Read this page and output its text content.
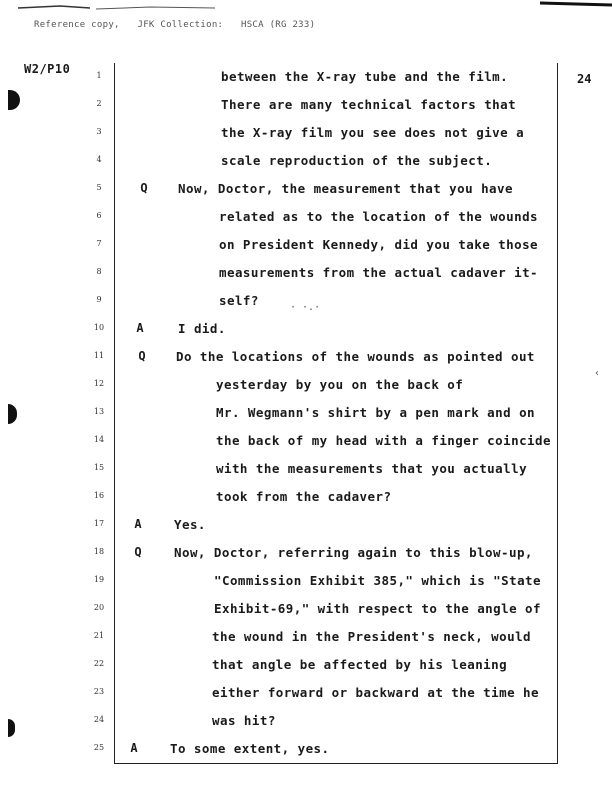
Reference copy, JFK Collection: HSCA (RG 233)
W2/P10
24
· ·.·
‹
1	between the X-ray tube and the film.
2	There are many technical factors that
3	the X-ray film you see does not give a
4	scale reproduction of the subject.
5	Q	Now, Doctor, the measurement that you have
6	related as to the location of the wounds
7	on President Kennedy, did you take those
8	measurements from the actual cadaver it-
9	self?
10	A	I did.
11	Q	Do the locations of the wounds as pointed out
12	yesterday by you on the back of
13	Mr. Wegmann's shirt by a pen mark and on
14	the back of my head with a finger coincide
15	with the measurements that you actually
16	took from the cadaver?
17	A	Yes.
18	Q	Now, Doctor, referring again to this blow-up,
19	"Commission Exhibit 385," which is "State
20	Exhibit-69," with respect to the angle of
21	the wound in the President's neck, would
22	that angle be affected by his leaning
23	either forward or backward at the time he
24	was hit?
25	A	To some extent, yes.
